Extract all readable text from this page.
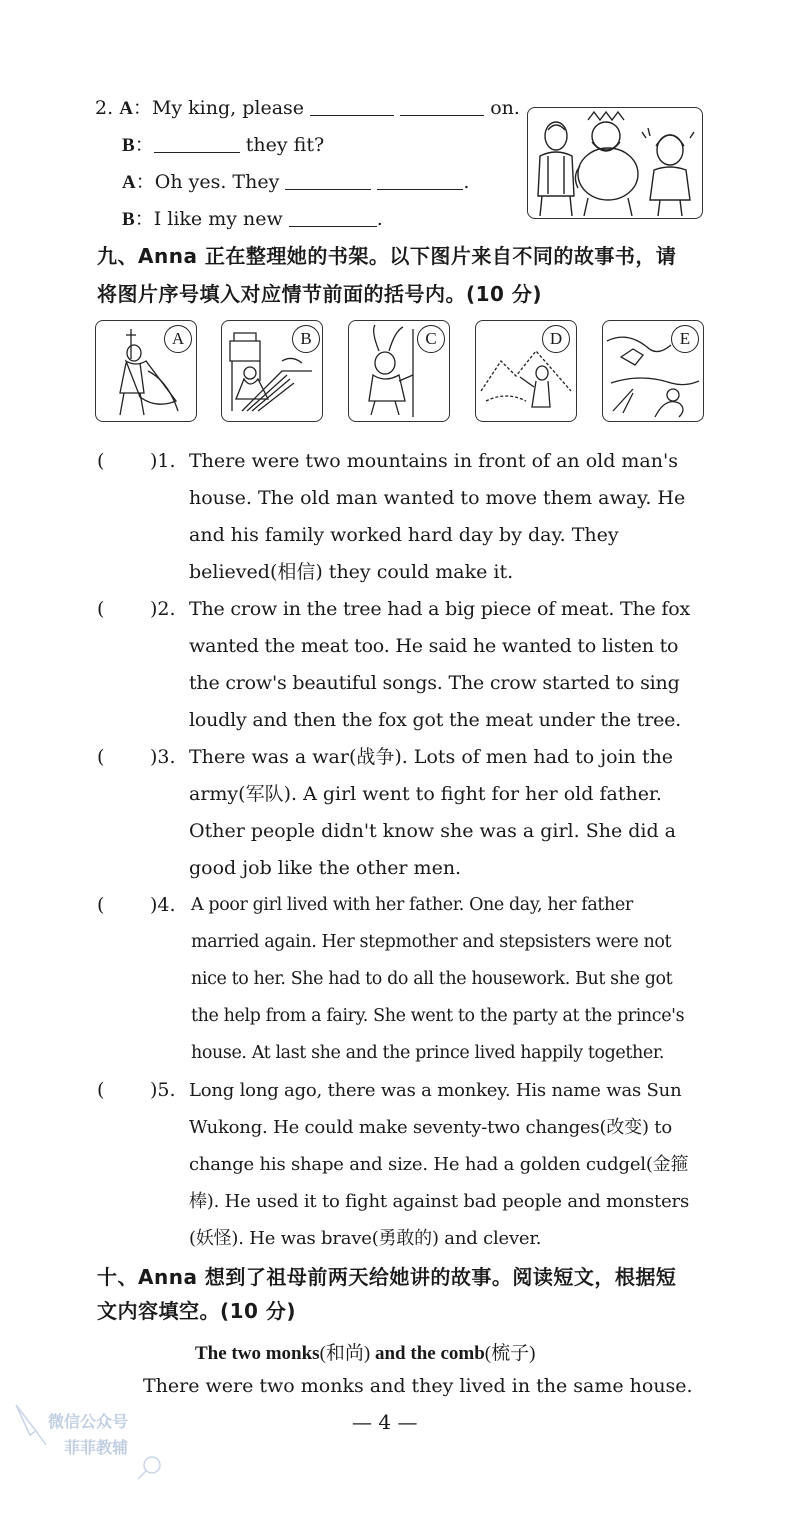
2. A：My king, please	on.
B：	they fit?
A：Oh yes. They	.
B：I like my new	.
九、Anna 正在整理她的书架。以下图片来自不同的故事书，请
将图片序号填入对应情节前面的括号内。(10 分)
A	B	C	D	E
( )1. There were two mountains in front of an old man's
house. The old man wanted to move them away. He
and his family worked hard day by day. They
believed(相信) they could make it.
( )2. The crow in the tree had a big piece of meat. The fox
wanted the meat too. He said he wanted to listen to
the crow's beautiful songs. The crow started to sing
loudly and then the fox got the meat under the tree.
( )3. There was a war(战争). Lots of men had to join the
army(军队). A girl went to fight for her old father.
Other people didn't know she was a girl. She did a
good job like the other men.
( )4. A poor girl lived with her father. One day, her father
married again. Her stepmother and stepsisters were not
nice to her. She had to do all the housework. But she got
the help from a fairy. She went to the party at the prince's
house. At last she and the prince lived happily together.
( )5. Long long ago, there was a monkey. His name was Sun
Wukong. He could make seventy-two changes(改变) to
change his shape and size. He had a golden cudgel(金箍
棒). He used it to fight against bad people and monsters
(妖怪). He was brave(勇敢的) and clever.
十、Anna 想到了祖母前两天给她讲的故事。阅读短文，根据短
文内容填空。(10 分)
The two monks(和尚) and the comb(梳子)
There were two monks and they lived in the same house.
— 4 —
微信公众号
菲菲教辅
